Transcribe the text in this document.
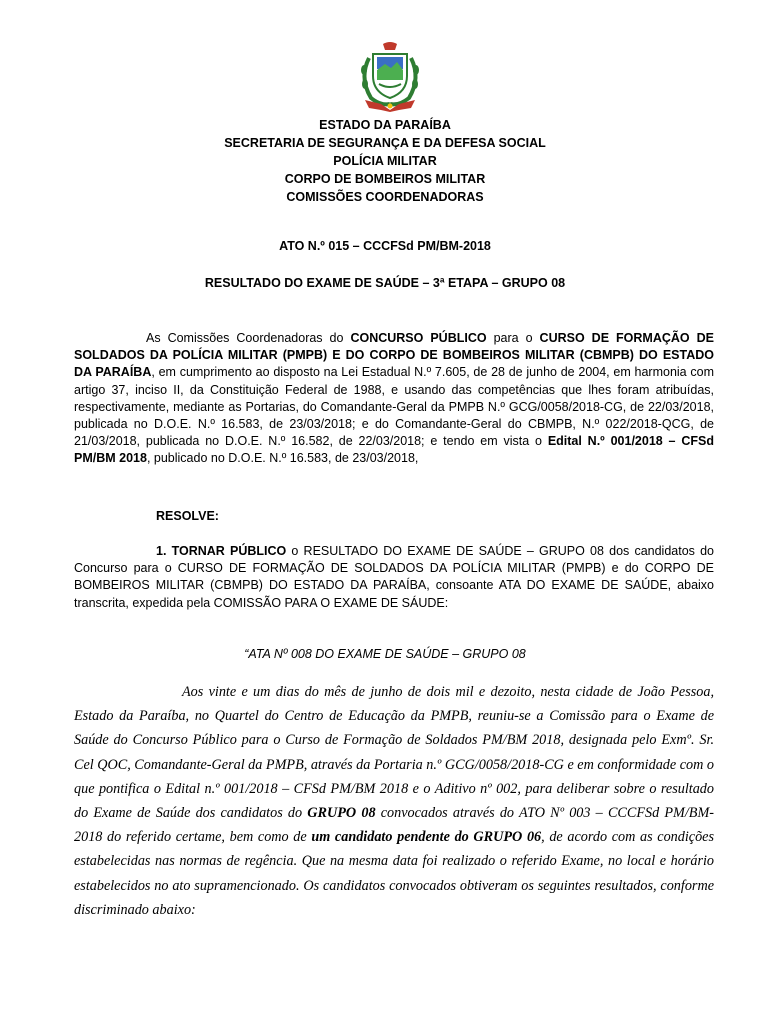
ESTADO DA PARAÍBA
SECRETARIA DE SEGURANÇA E DA DEFESA SOCIAL
POLÍCIA MILITAR
CORPO DE BOMBEIROS MILITAR
COMISSÕES COORDENADORAS
ATO N.º 015 – CCCFSd PM/BM-2018
RESULTADO DO EXAME DE SAÚDE – 3ª ETAPA – GRUPO 08
As Comissões Coordenadoras do CONCURSO PÚBLICO para o CURSO DE FORMAÇÃO DE SOLDADOS DA POLÍCIA MILITAR (PMPB) E DO CORPO DE BOMBEIROS MILITAR (CBMPB) DO ESTADO DA PARAÍBA, em cumprimento ao disposto na Lei Estadual N.º 7.605, de 28 de junho de 2004, em harmonia com artigo 37, inciso II, da Constituição Federal de 1988, e usando das competências que lhes foram atribuídas, respectivamente, mediante as Portarias, do Comandante-Geral da PMPB N.º GCG/0058/2018-CG, de 22/03/2018, publicada no D.O.E. N.º 16.583, de 23/03/2018; e do Comandante-Geral do CBMPB, N.º 022/2018-QCG, de 21/03/2018, publicada no D.O.E. N.º 16.582, de 22/03/2018; e tendo em vista o Edital N.º 001/2018 – CFSd PM/BM 2018, publicado no D.O.E. N.º 16.583, de 23/03/2018,
RESOLVE:
1. TORNAR PÚBLICO o RESULTADO DO EXAME DE SAÚDE – GRUPO 08 dos candidatos do Concurso para o CURSO DE FORMAÇÃO DE SOLDADOS DA POLÍCIA MILITAR (PMPB) e do CORPO DE BOMBEIROS MILITAR (CBMPB) DO ESTADO DA PARAÍBA, consoante ATA DO EXAME DE SAÚDE, abaixo transcrita, expedida pela COMISSÃO PARA O EXAME DE SÁUDE:
“ATA Nº 008 DO EXAME DE SAÚDE – GRUPO 08
Aos vinte e um dias do mês de junho de dois mil e dezoito, nesta cidade de João Pessoa, Estado da Paraíba, no Quartel do Centro de Educação da PMPB, reuniu-se a Comissão para o Exame de Saúde do Concurso Público para o Curso de Formação de Soldados PM/BM 2018, designada pelo Exmº. Sr. Cel QOC, Comandante-Geral da PMPB, através da Portaria n.º GCG/0058/2018-CG e em conformidade com o que pontifica o Edital n.º 001/2018 – CFSd PM/BM 2018 e o Aditivo nº 002, para deliberar sobre o resultado do Exame de Saúde dos candidatos do GRUPO 08 convocados através do ATO Nº 003 – CCCFSd PM/BM-2018 do referido certame, bem como de um candidato pendente do GRUPO 06, de acordo com as condições estabelecidas nas normas de regência. Que na mesma data foi realizado o referido Exame, no local e horário estabelecidos no ato supramencionado. Os candidatos convocados obtiveram os seguintes resultados, conforme discriminado abaixo:
